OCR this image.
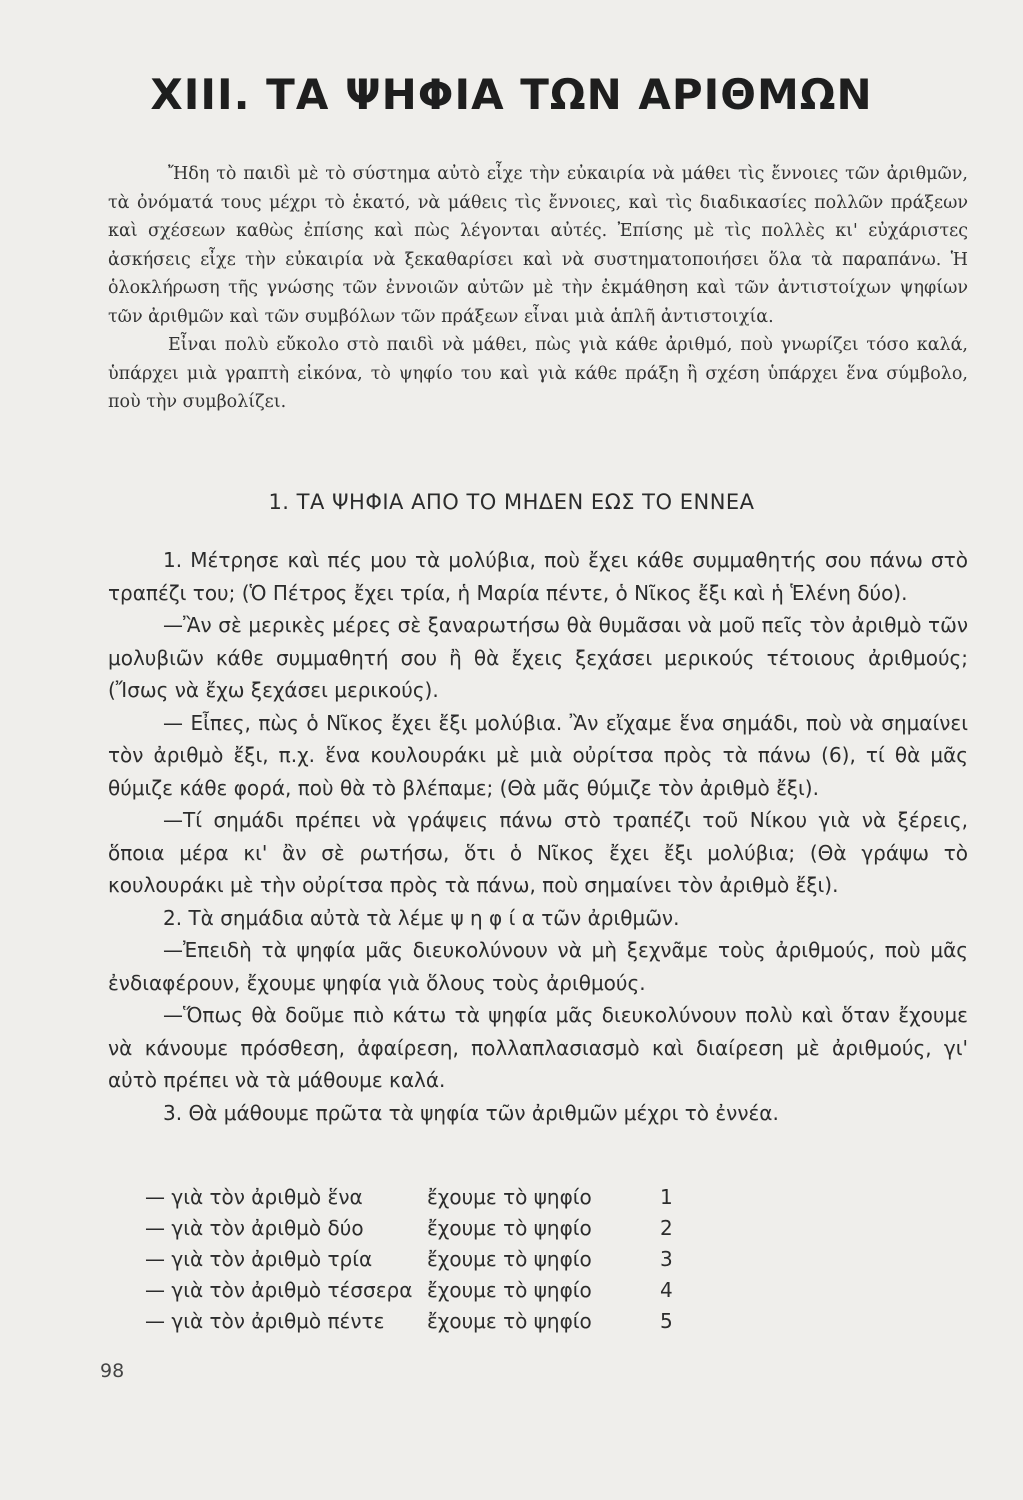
XIII. ΤΑ ΨΗΦΙΑ ΤΩΝ ΑΡΙΘΜΩΝ

Ἤδη τὸ παιδὶ μὲ τὸ σύστημα αὐτὸ εἶχε τὴν εὐκαιρία νὰ μάθει τὶς ἔννοιες τῶν ἀριθμῶν, τὰ ὀνόματά τους μέχρι τὸ ἑκατό, νὰ μάθεις τὶς ἔννοιες, καὶ τὶς διαδικασίες πολλῶν πράξεων καὶ σχέσεων καθὼς ἐπίσης καὶ πὼς λέγονται αὐτές. Ἐπίσης μὲ τὶς πολλὲς κι' εὐχάριστες ἀσκήσεις εἶχε τὴν εὐκαιρία νὰ ξεκαθαρίσει καὶ νὰ συστηματοποιήσει ὅλα τὰ παραπάνω. Ἡ ὁλοκλήρωση τῆς γνώσης τῶν ἐννοιῶν αὐτῶν μὲ τὴν ἐκμάθηση καὶ τῶν ἀντιστοίχων ψηφίων τῶν ἀριθμῶν καὶ τῶν συμβόλων τῶν πράξεων εἶναι μιὰ ἁπλῆ ἀντιστοιχία.

Εἶναι πολὺ εὔκολο στὸ παιδὶ νὰ μάθει, πὼς γιὰ κάθε ἀριθμό, ποὺ γνωρίζει τόσο καλά, ὑπάρχει μιὰ γραπτὴ εἰκόνα, τὸ ψηφίο του καὶ γιὰ κάθε πράξη ἢ σχέση ὑπάρχει ἕνα σύμβολο, ποὺ τὴν συμβολίζει.

1. ΤΑ ΨΗΦΙΑ ΑΠΟ ΤΟ ΜΗΔΕΝ ΕΩΣ ΤΟ ΕΝΝΕΑ

1. Μέτρησε καὶ πές μου τὰ μολύβια, ποὺ ἔχει κάθε συμμαθητής σου πάνω στὸ τραπέζι του; (Ὁ Πέτρος ἔχει τρία, ἡ Μαρία πέντε, ὁ Νῖκος ἔξι καὶ ἡ Ἑλένη δύο).

—Ἂν σὲ μερικὲς μέρες σὲ ξαναρωτήσω θὰ θυμᾶσαι νὰ μοῦ πεῖς τὸν ἀριθμὸ τῶν μολυβιῶν κάθε συμμαθητή σου ἢ θὰ ἔχεις ξεχάσει μερικούς τέτοιους ἀριθμούς; (Ἴσως νὰ ἔχω ξεχάσει μερικούς).

— Εἶπες, πὼς ὁ Νῖκος ἔχει ἔξι μολύβια. Ἂν εἴχαμε ἕνα σημάδι, ποὺ νὰ σημαίνει τὸν ἀριθμὸ ἔξι, π.χ. ἕνα κουλουράκι μὲ μιὰ οὐρίτσα πρὸς τὰ πάνω (6), τί θὰ μᾶς θύμιζε κάθε φορά, ποὺ θὰ τὸ βλέπαμε; (Θὰ μᾶς θύμιζε τὸν ἀριθμὸ ἔξι).

—Τί σημάδι πρέπει νὰ γράψεις πάνω στὸ τραπέζι τοῦ Νίκου γιὰ νὰ ξέρεις, ὅποια μέρα κι' ἂν σὲ ρωτήσω, ὅτι ὁ Νῖκος ἔχει ἔξι μολύβια; (Θὰ γράψω τὸ κουλουράκι μὲ τὴν οὐρίτσα πρὸς τὰ πάνω, ποὺ σημαίνει τὸν ἀριθμὸ ἔξι).

2. Τὰ σημάδια αὐτὰ τὰ λέμε ψ η φ ί α τῶν ἀριθμῶν.

—Ἐπειδὴ τὰ ψηφία μᾶς διευκολύνουν νὰ μὴ ξεχνᾶμε τοὺς ἀριθμούς, ποὺ μᾶς ἐνδιαφέρουν, ἔχουμε ψηφία γιὰ ὅλους τοὺς ἀριθμούς.

—Ὅπως θὰ δοῦμε πιὸ κάτω τὰ ψηφία μᾶς διευκολύνουν πολὺ καὶ ὅταν ἔχουμε νὰ κάνουμε πρόσθεση, ἀφαίρεση, πολλαπλασιασμὸ καὶ διαίρεση μὲ ἀριθμούς, γι' αὐτὸ πρέπει νὰ τὰ μάθουμε καλά.

3. Θὰ μάθουμε πρῶτα τὰ ψηφία τῶν ἀριθμῶν μέχρι τὸ ἐννέα.

— γιὰ τὸν ἀριθμὸ ἕνα	ἔχουμε τὸ ψηφίο	1
— γιὰ τὸν ἀριθμὸ δύο	ἔχουμε τὸ ψηφίο	2
— γιὰ τὸν ἀριθμὸ τρία	ἔχουμε τὸ ψηφίο	3
— γιὰ τὸν ἀριθμὸ τέσσερα ἔχουμε τὸ ψηφίο	4
— γιὰ τὸν ἀριθμὸ πέντε	ἔχουμε τὸ ψηφίο	5
98
